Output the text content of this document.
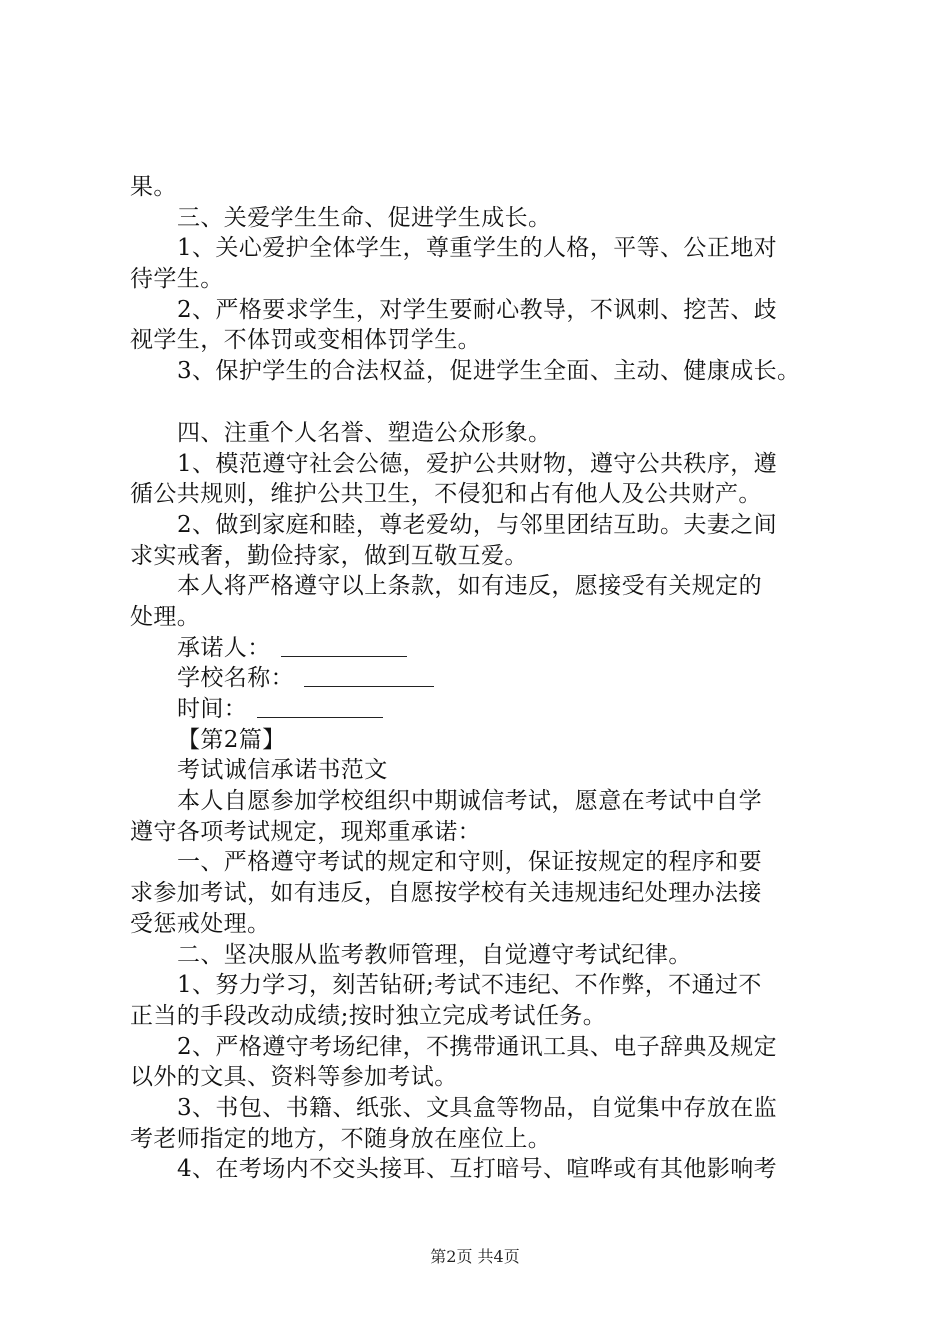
果。
三、关爱学生生命、促进学生成长。
1、关心爱护全体学生，尊重学生的人格，平等、公正地对
待学生。
2、严格要求学生，对学生要耐心教导，不讽刺、挖苦、歧
视学生，不体罚或变相体罚学生。
3、保护学生的合法权益，促进学生全面、主动、健康成长。
四、注重个人名誉、塑造公众形象。
1、模范遵守社会公德，爱护公共财物，遵守公共秩序，遵
循公共规则，维护公共卫生，不侵犯和占有他人及公共财产。
2、做到家庭和睦，尊老爱幼，与邻里团结互助。夫妻之间
求实戒奢，勤俭持家，做到互敬互爱。
本人将严格遵守以上条款，如有违反，愿接受有关规定的
处理。
承诺人：
学校名称：
时间：
【第2篇】
考试诚信承诺书范文
本人自愿参加学校组织中期诚信考试，愿意在考试中自学
遵守各项考试规定，现郑重承诺：
一、严格遵守考试的规定和守则，保证按规定的程序和要
求参加考试，如有违反，自愿按学校有关违规违纪处理办法接
受惩戒处理。
二、坚决服从监考教师管理，自觉遵守考试纪律。
1、努力学习，刻苦钻研;考试不违纪、不作弊，不通过不
正当的手段改动成绩;按时独立完成考试任务。
2、严格遵守考场纪律，不携带通讯工具、电子辞典及规定
以外的文具、资料等参加考试。
3、书包、书籍、纸张、文具盒等物品，自觉集中存放在监
考老师指定的地方，不随身放在座位上。
4、在考场内不交头接耳、互打暗号、喧哗或有其他影响考
第2页 共4页
